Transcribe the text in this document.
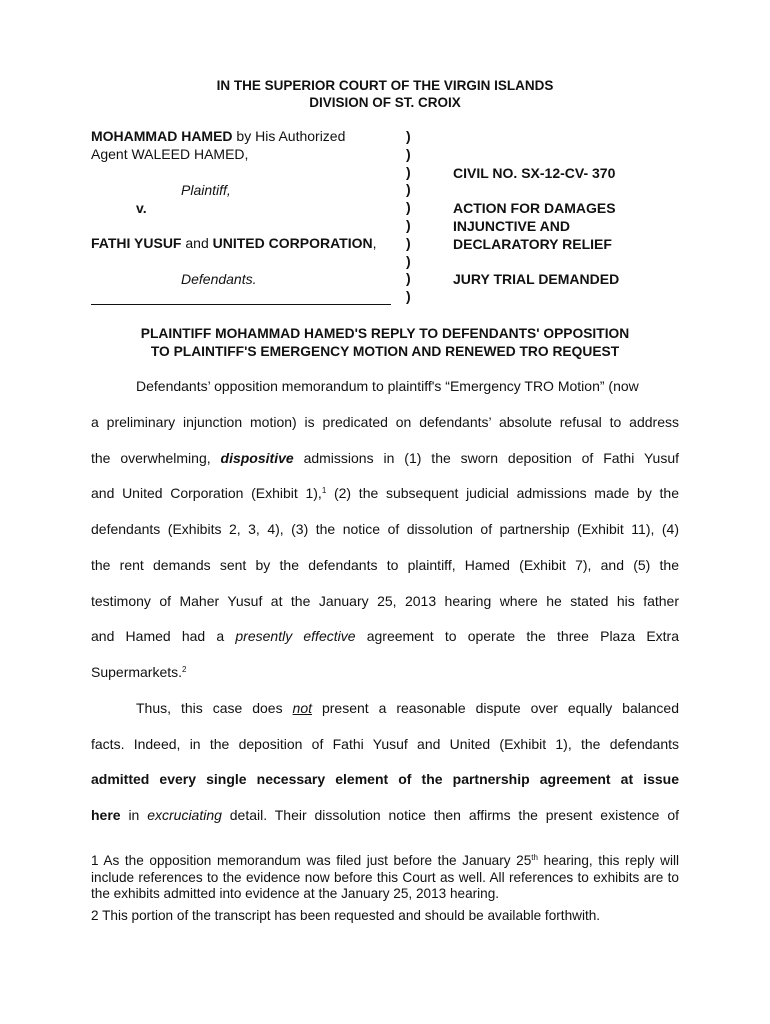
IN THE SUPERIOR COURT OF THE VIRGIN ISLANDS
DIVISION OF ST. CROIX
MOHAMMAD HAMED by His Authorized
Agent WALEED HAMED,
Plaintiff,
v.
FATHI YUSUF and UNITED CORPORATION,
Defendants.
)
)
)
)
)
)
)
)
)
)
CIVIL NO. SX-12-CV- 370
ACTION FOR DAMAGES
INJUNCTIVE AND
DECLARATORY RELIEF
JURY TRIAL DEMANDED
PLAINTIFF MOHAMMAD HAMED'S REPLY TO DEFENDANTS' OPPOSITION
TO PLAINTIFF'S EMERGENCY MOTION AND RENEWED TRO REQUEST
Defendants’ opposition memorandum to plaintiff's “Emergency TRO Motion” (now
a preliminary injunction motion) is predicated on defendants’ absolute refusal to address
the overwhelming, dispositive admissions in (1) the sworn deposition of Fathi Yusuf
and United Corporation (Exhibit 1),$^1$ (2) the subsequent judicial admissions made by the
defendants (Exhibits 2, 3, 4), (3) the notice of dissolution of partnership (Exhibit 11), (4)
the rent demands sent by the defendants to plaintiff, Hamed (Exhibit 7), and (5) the
testimony of Maher Yusuf at the January 25, 2013 hearing where he stated his father
and Hamed had a presently effective agreement to operate the three Plaza Extra
Supermarkets.$^2$
Thus, this case does not present a reasonable dispute over equally balanced
facts. Indeed, in the deposition of Fathi Yusuf and United (Exhibit 1), the defendants
admitted every single necessary element of the partnership agreement at issue
here in excruciating detail. Their dissolution notice then affirms the present existence of
1 As the opposition memorandum was filed just before the January 25th hearing, this reply will include references to the evidence now before this Court as well. All references to exhibits are to the exhibits admitted into evidence at the January 25, 2013 hearing.
2 This portion of the transcript has been requested and should be available forthwith.
